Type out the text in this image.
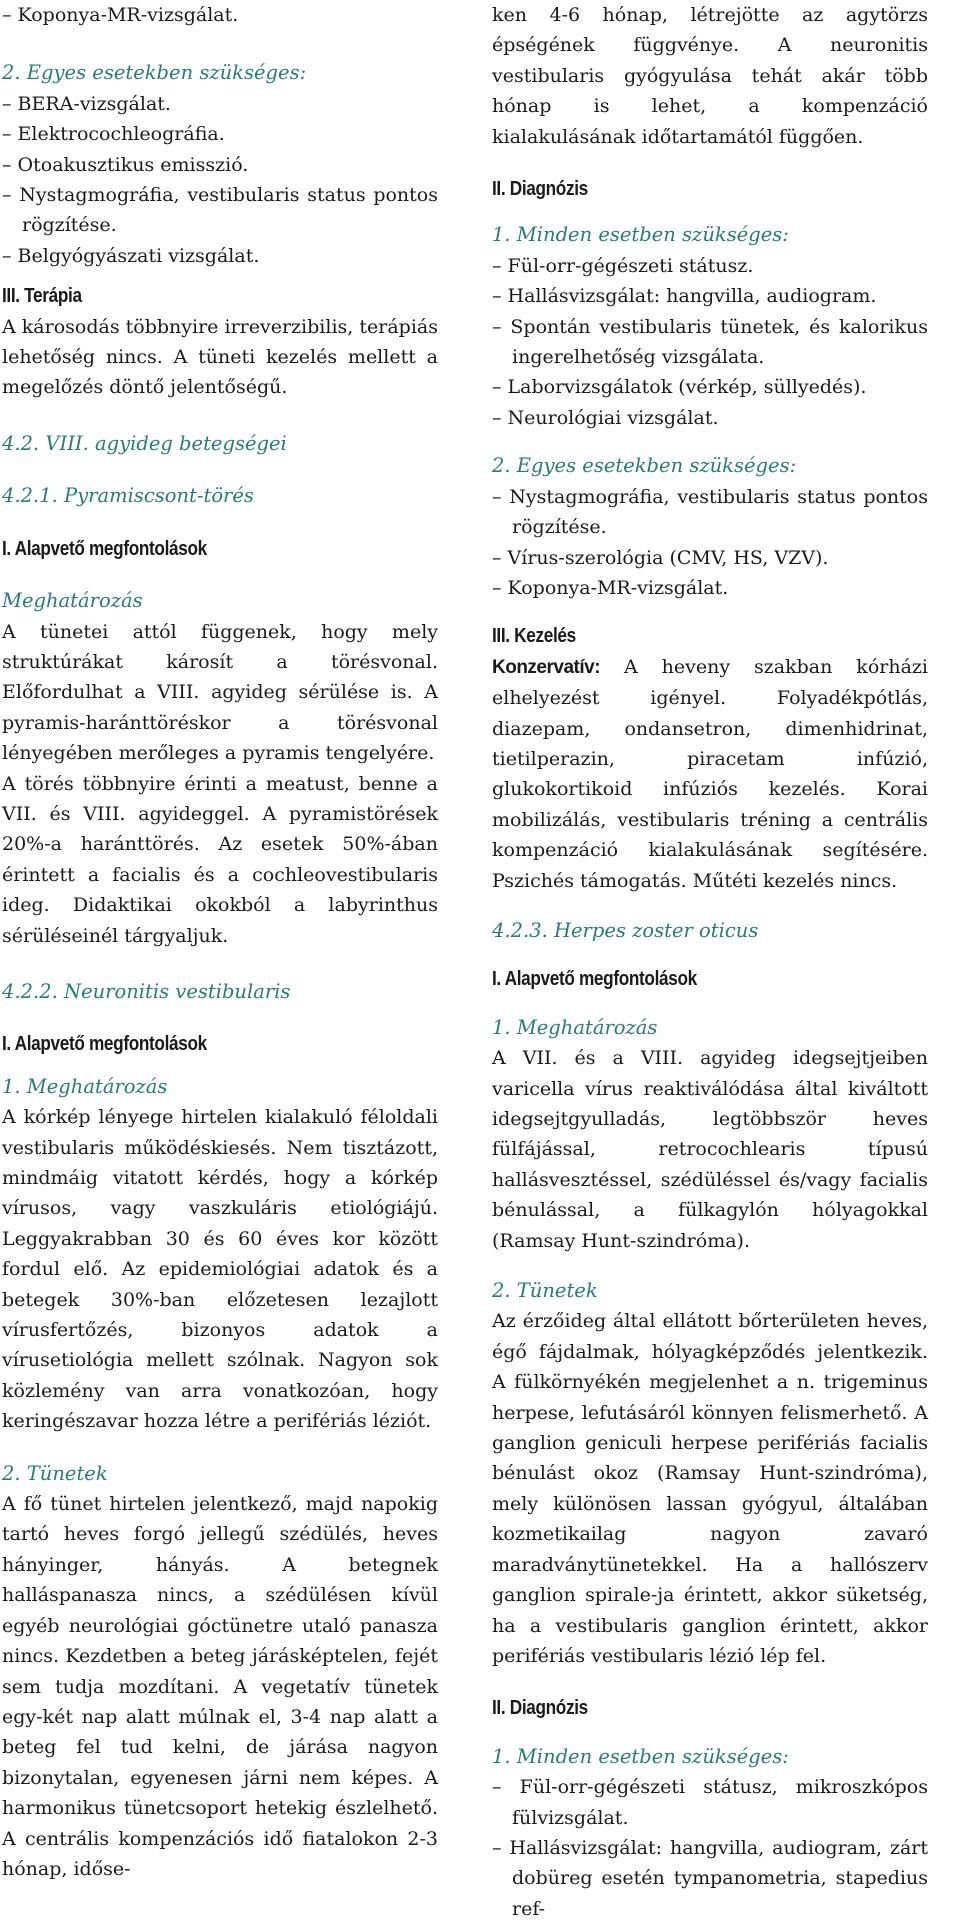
– Koponya-MR-vizsgálat.

2. Egyes esetekben szükséges:

– BERA-vizsgálat.

– Elektrocochleográfia.

– Otoakusztikus emisszió.

– Nystagmográfia, vestibularis status pontos rögzítése.

– Belgyógyászati vizsgálat.

III. Terápia

A károsodás többnyire irreverzibilis, terápiás lehetőség nincs. A tüneti kezelés mellett a megelőzés döntő jelentőségű.

4.2. VIII. agyideg betegségei

4.2.1. Pyramiscsont-törés

I. Alapvető megfontolások

Meghatározás

A tünetei attól függenek, hogy mely struktúrákat károsít a törésvonal. Előfordulhat a VIII. agyideg sérülése is. A pyramis-haránttöréskor a törésvonal lényegében merőleges a pyramis tengelyére.

A törés többnyire érinti a meatust, benne a VII. és VIII. agyideggel. A pyramistörések 20%-a haránttörés. Az esetek 50%-ában érintett a facialis és a cochleovestibularis ideg. Didaktikai okokból a labyrinthus sérüléseinél tárgyaljuk.

4.2.2. Neuronitis vestibularis

I. Alapvető megfontolások

1. Meghatározás

A kórkép lényege hirtelen kialakuló féloldali vestibularis működéskiesés. Nem tisztázott, mindmáig vitatott kérdés, hogy a kórkép vírusos, vagy vaszkuláris etiológiájú. Leggyakrabban 30 és 60 éves kor között fordul elő. Az epidemiológiai adatok és a betegek 30%-ban előzetesen lezajlott vírusfertőzés, bizonyos adatok a vírusetiológia mellett szólnak. Nagyon sok közlemény van arra vonatkozóan, hogy keringészavar hozza létre a perifériás léziót.

2. Tünetek

A fő tünet hirtelen jelentkező, majd napokig tartó heves forgó jellegű szédülés, heves hányinger, hányás. A betegnek halláspanasza nincs, a szédülésen kívül egyéb neurológiai góctünetre utaló panasza nincs. Kezdetben a beteg járásképtelen, fejét sem tudja mozdítani. A vegetatív tünetek egy-két nap alatt múlnak el, 3-4 nap alatt a beteg fel tud kelni, de járása nagyon bizonytalan, egyenesen járni nem képes. A harmonikus tünetcsoport hetekig észlelhető. A centrális kompenzációs idő fiatalokon 2-3 hónap, időse-

ken 4-6 hónap, létrejötte az agytörzs épségének függvénye. A neuronitis vestibularis gyógyulása tehát akár több hónap is lehet, a kompenzáció kialakulásának időtartamától függően.

II. Diagnózis

1. Minden esetben szükséges:

– Fül-orr-gégészeti státusz.

– Hallásvizsgálat: hangvilla, audiogram.

– Spontán vestibularis tünetek, és kalorikus ingerelhetőség vizsgálata.

– Laborvizsgálatok (vérkép, süllyedés).

– Neurológiai vizsgálat.

2. Egyes esetekben szükséges:

– Nystagmográfia, vestibularis status pontos rögzítése.

– Vírus-szerológia (CMV, HS, VZV).

– Koponya-MR-vizsgálat.

III. Kezelés

Konzervatív: A heveny szakban kórházi elhelyezést igényel. Folyadékpótlás, diazepam, ondansetron, dimenhidrinat, tietilperazin, piracetam infúzió, glukokortikoid infúziós kezelés. Korai mobilizálás, vestibularis tréning a centrális kompenzáció kialakulásának segítésére. Pszichés támogatás. Műtéti kezelés nincs.

4.2.3. Herpes zoster oticus

I. Alapvető megfontolások

1. Meghatározás

A VII. és a VIII. agyideg idegsejtjeiben varicella vírus reaktiválódása által kiváltott idegsejtgyulladás, legtöbbször heves fülfájással, retrocochlearis típusú hallásvesztéssel, szédüléssel és/vagy facialis bénulással, a fülkagylón hólyagokkal (Ramsay Hunt-szindróma).

2. Tünetek

Az érzőideg által ellátott bőrterületen heves, égő fájdalmak, hólyagképződés jelentkezik. A fülkörnyékén megjelenhet a n. trigeminus herpese, lefutásáról könnyen felismerhető. A ganglion geniculi herpese perifériás facialis bénulást okoz (Ramsay Hunt-szindróma), mely különösen lassan gyógyul, általában kozmetikailag nagyon zavaró maradványtünetekkel. Ha a hallószerv ganglion spirale-ja érintett, akkor süketség, ha a vestibularis ganglion érintett, akkor perifériás vestibularis lézió lép fel.

II. Diagnózis

1. Minden esetben szükséges:

– Fül-orr-gégészeti státusz, mikroszkópos fülvizsgálat.

– Hallásvizsgálat: hangvilla, audiogram, zárt dobüreg esetén tympanometria, stapedius ref-
